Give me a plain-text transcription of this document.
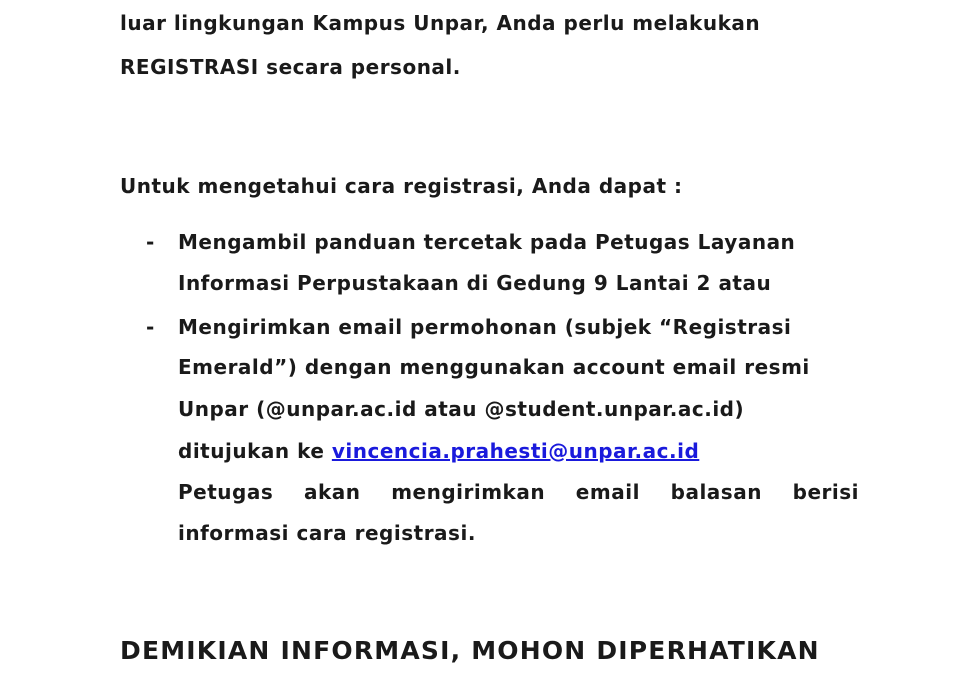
luar lingkungan Kampus Unpar, Anda perlu melakukan
REGISTRASI secara personal.
Untuk mengetahui cara registrasi, Anda dapat :
- Mengambil panduan tercetak pada Petugas Layanan
Informasi Perpustakaan di Gedung 9 Lantai 2 atau
- Mengirimkan email permohonan (subjek “Registrasi
Emerald”) dengan menggunakan account email resmi
Unpar (@unpar.ac.id atau @student.unpar.ac.id)
ditujukan ke vincencia.prahesti@unpar.ac.id
Petugas akan mengirimkan email balasan berisi
informasi cara registrasi.
DEMIKIAN INFORMASI, MOHON DIPERHATIKAN
